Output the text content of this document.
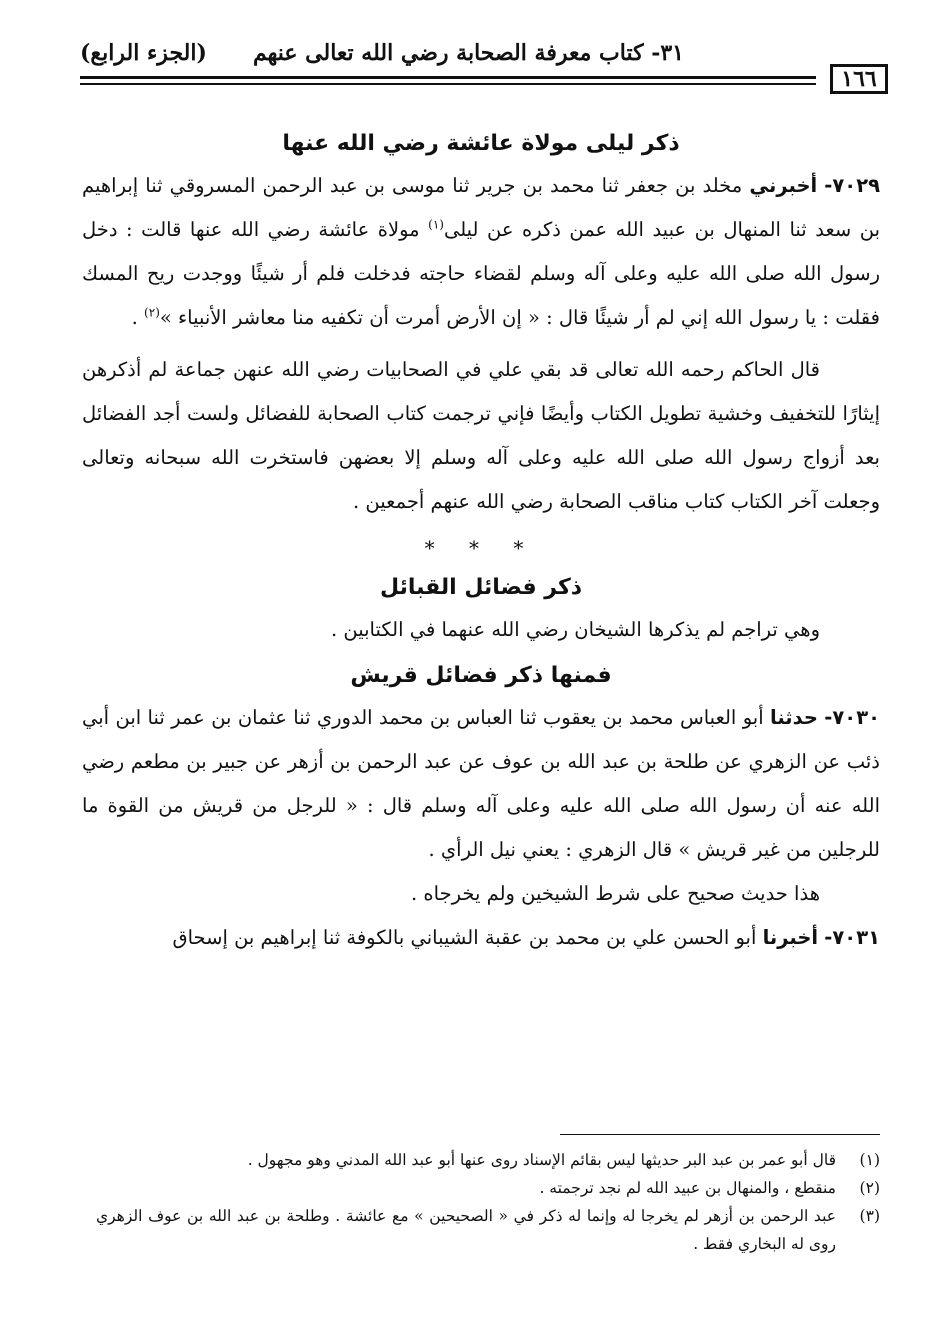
٣١- كتاب معرفة الصحابة رضي الله تعالى عنهم
(الجزء الرابع)
١٦٦
ذكر ليلى مولاة عائشة رضي الله عنها

٧٠٢٩- أخبرني مخلد بن جعفر ثنا محمد بن جرير ثنا موسى بن عبد الرحمن المسروقي ثنا إبراهيم بن سعد ثنا المنهال بن عبيد الله عمن ذكره عن ليلى$^{(١)}$ مولاة عائشة رضي الله عنها قالت : دخل رسول الله صلى الله عليه وعلى آله وسلم لقضاء حاجته فدخلت فلم أر شيئًا ووجدت ريح المسك فقلت : يا رسول الله إني لم أر شيئًا قال : « إن الأرض أمرت أن تكفيه منا معاشر الأنبياء »$^{(٢)}$ .

قال الحاكم رحمه الله تعالى قد بقي علي في الصحابيات رضي الله عنهن جماعة لم أذكرهن إيثارًا للتخفيف وخشية تطويل الكتاب وأيضًا فإني ترجمت كتاب الصحابة للفضائل ولست أجد الفضائل بعد أزواج رسول الله صلى الله عليه وعلى آله وسلم إلا بعضهن فاستخرت الله سبحانه وتعالى وجعلت آخر الكتاب كتاب مناقب الصحابة رضي الله عنهم أجمعين .

* * *
ذكر فضائل القبائل

وهي تراجم لم يذكرها الشيخان رضي الله عنهما في الكتابين .

فمنها ذكر فضائل قريش

٧٠٣٠- حدثنا أبو العباس محمد بن يعقوب ثنا العباس بن محمد الدوري ثنا عثمان بن عمر ثنا ابن أبي ذئب عن الزهري عن طلحة بن عبد الله بن عوف عن عبد الرحمن بن أزهر عن جبير بن مطعم رضي الله عنه أن رسول الله صلى الله عليه وعلى آله وسلم قال : « للرجل من قريش من القوة ما للرجلين من غير قريش » قال الزهري : يعني نيل الرأي .

هذا حديث صحيح على شرط الشيخين ولم يخرجاه .

٧٠٣١- أخبرنا أبو الحسن علي بن محمد بن عقبة الشيباني بالكوفة ثنا إبراهيم بن إسحاق

(١)
قال أبو عمر بن عبد البر حديثها ليس بقائم الإسناد روى عنها أبو عبد الله المدني وهو مجهول .

(٢)
منقطع ، والمنهال بن عبيد الله لم نجد ترجمته .

(٣)
عبد الرحمن بن أزهر لم يخرجا له وإنما له ذكر في « الصحيحين » مع عائشة . وطلحة بن عبد الله بن عوف الزهري روى له البخاري فقط .
